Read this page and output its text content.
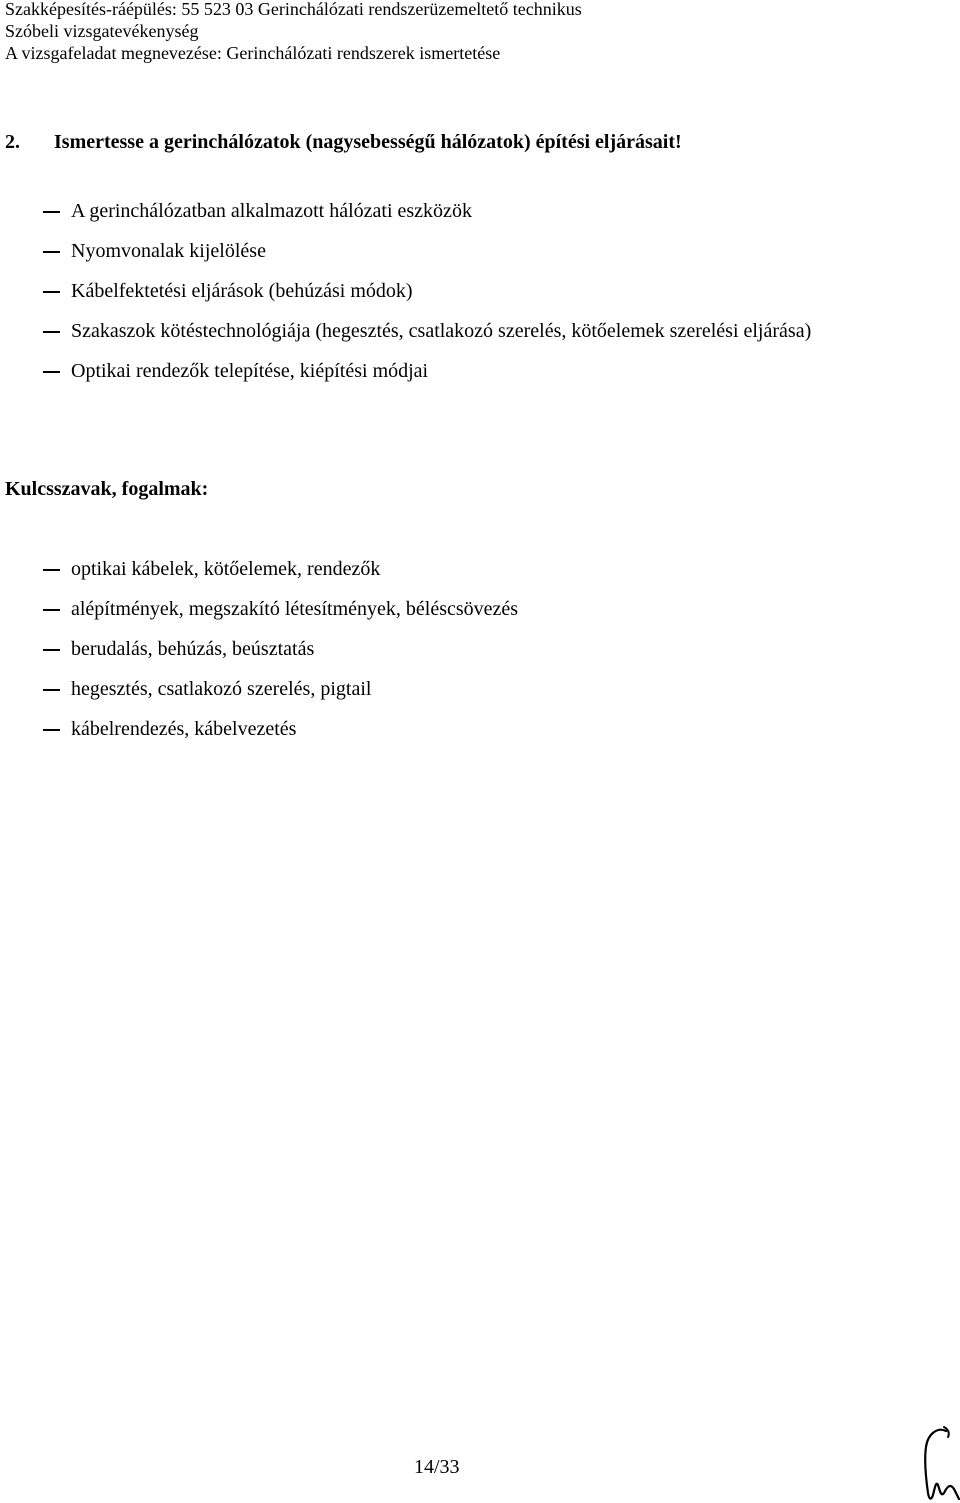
Szakképesítés-ráépülés: 55 523 03 Gerinchálózati rendszerüzemeltető technikus
Szóbeli vizsgatevékenység
A vizsgafeladat megnevezése: Gerinchálózati rendszerek ismertetése
2. Ismertesse a gerinchálózatok (nagysebességű hálózatok) építési eljárásait!
A gerinchálózatban alkalmazott hálózati eszközök
Nyomvonalak kijelölése
Kábelfektetési eljárások (behúzási módok)
Szakaszok kötéstechnológiája (hegesztés, csatlakozó szerelés, kötőelemek szerelési eljárása)
Optikai rendezők telepítése, kiépítési módjai
Kulcsszavak, fogalmak:
optikai kábelek, kötőelemek, rendezők
alépítmények, megszakító létesítmények, béléscsövezés
berudalás, behúzás, beúsztatás
hegesztés, csatlakozó szerelés, pigtail
kábelrendezés, kábelvezetés
14/33
